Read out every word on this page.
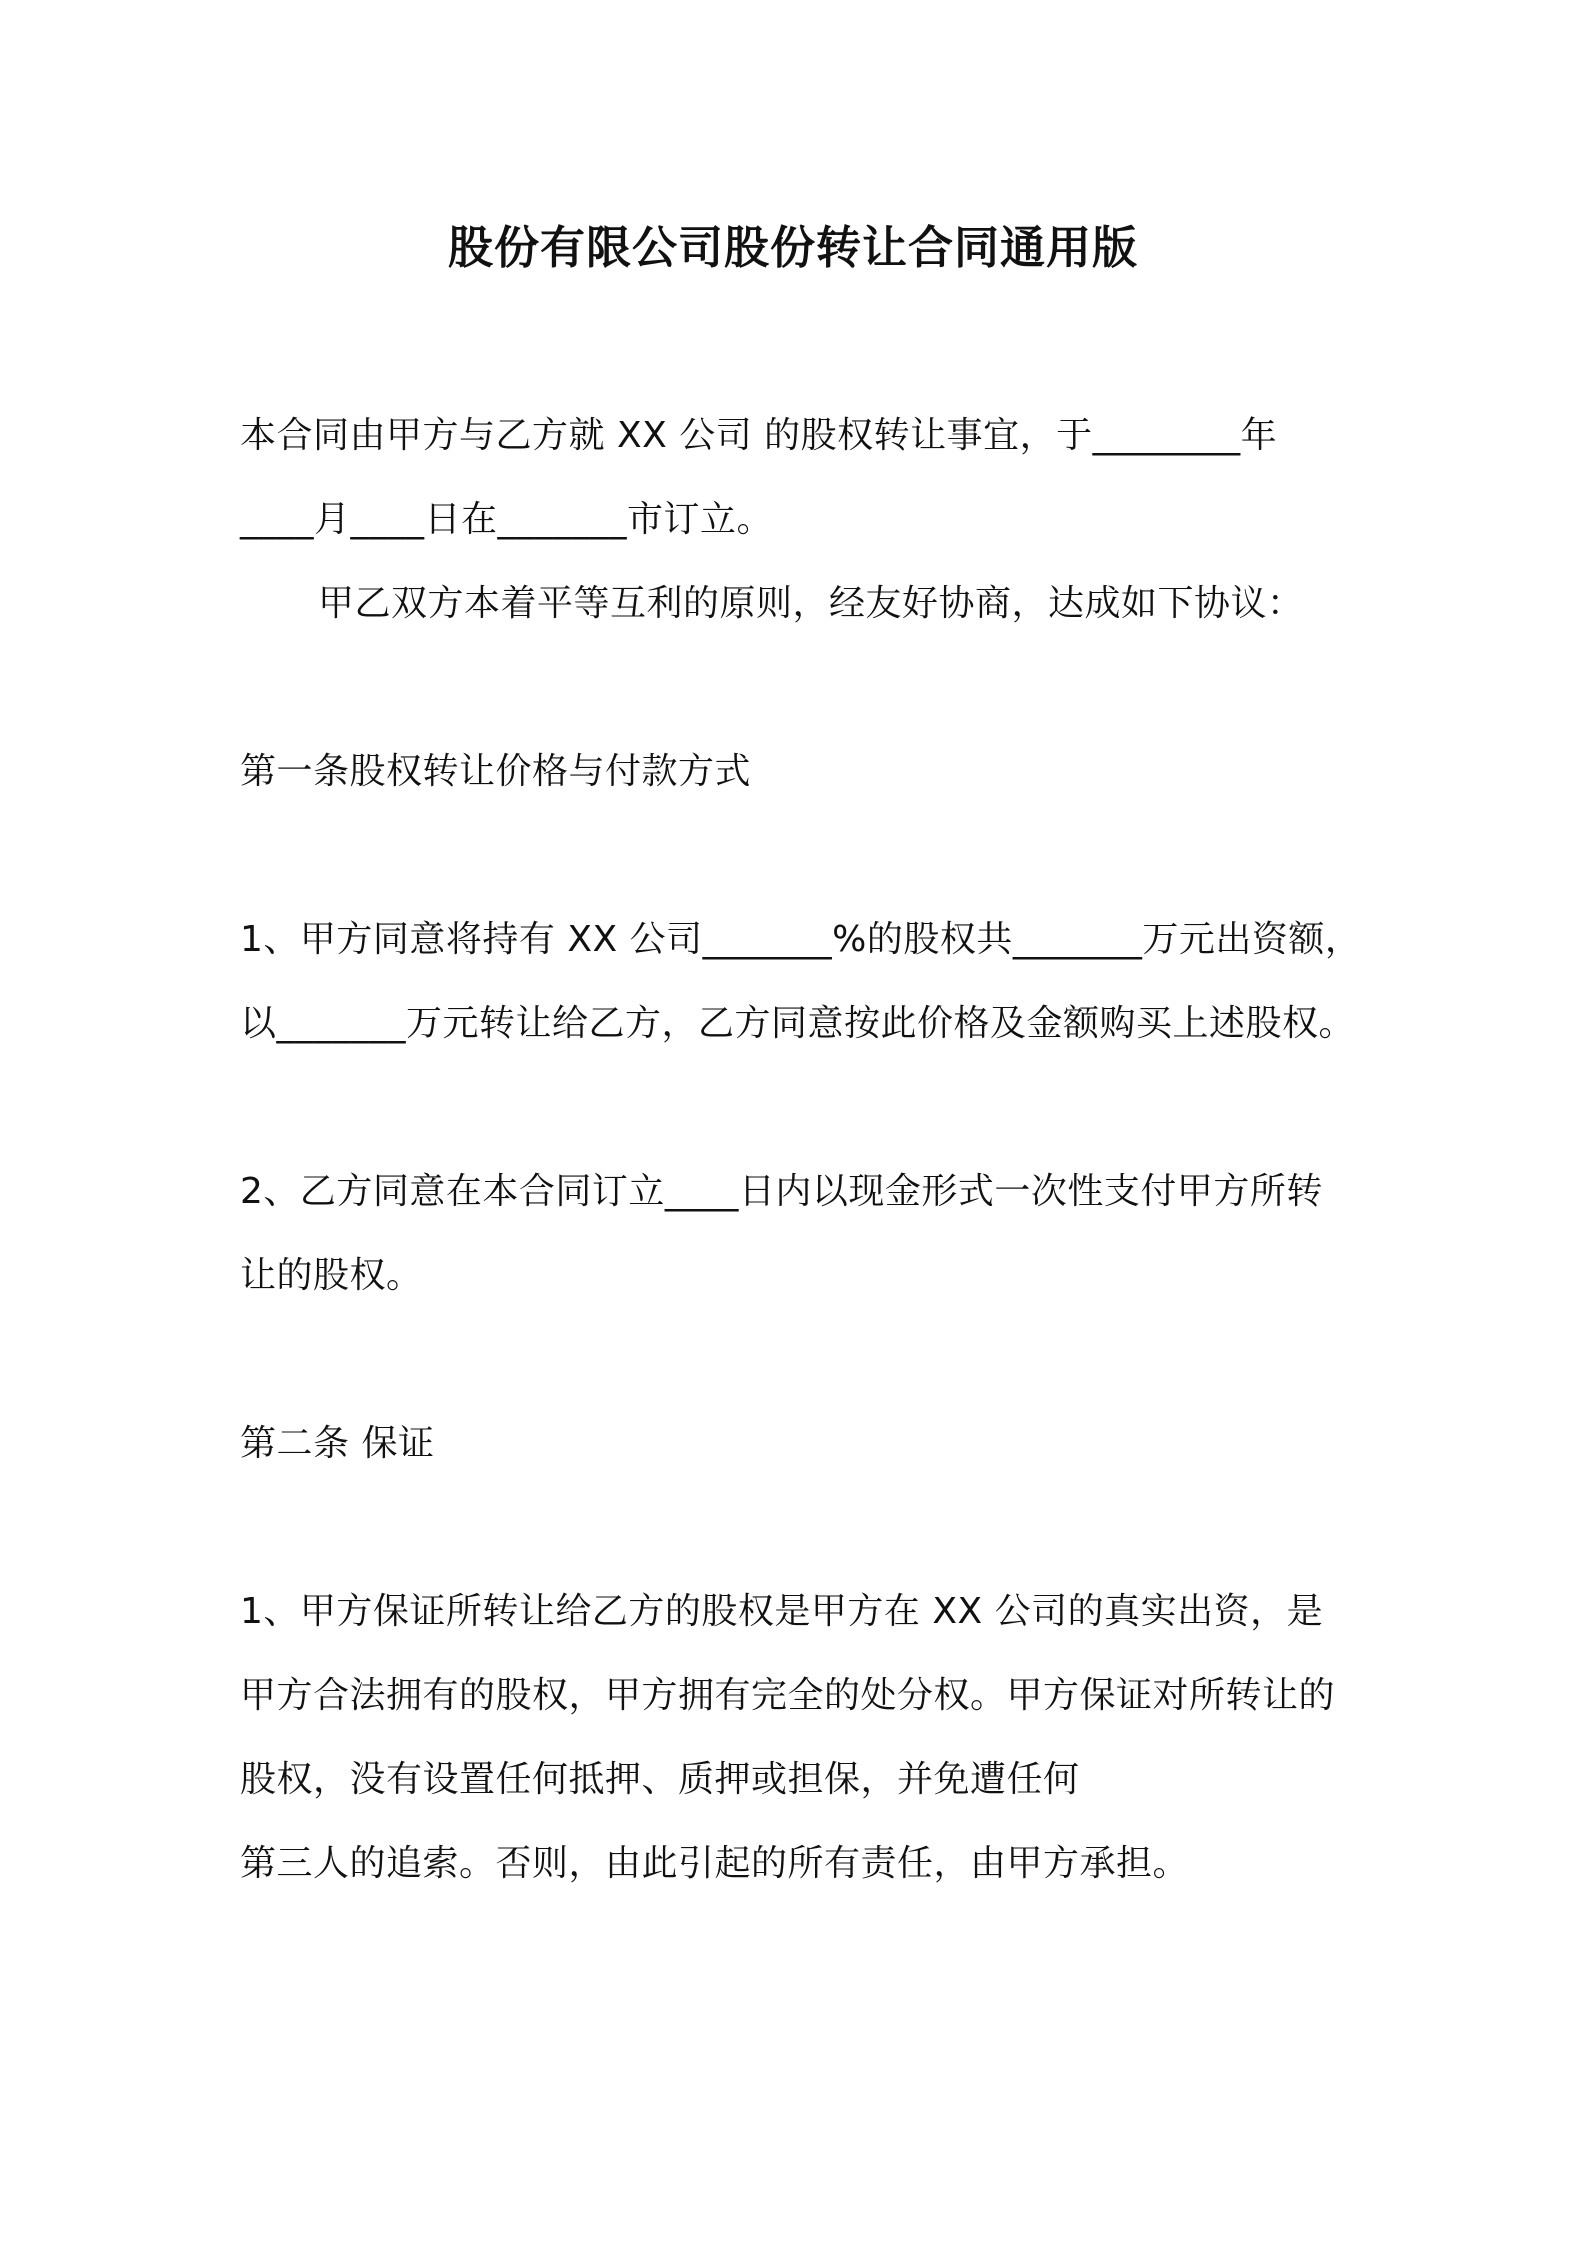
股份有限公司股份转让合同通用版
本合同由甲方与乙方就 XX 公司 的股权转让事宜，于________年
____月____日在_______市订立。
甲乙双方本着平等互利的原则，经友好协商，达成如下协议：
第一条股权转让价格与付款方式
1、甲方同意将持有 XX 公司_______%的股权共_______万元出资额，
以_______万元转让给乙方，乙方同意按此价格及金额购买上述股权。
2、乙方同意在本合同订立____日内以现金形式一次性支付甲方所转
让的股权。
第二条 保证
1、甲方保证所转让给乙方的股权是甲方在 XX 公司的真实出资，是
甲方合法拥有的股权，甲方拥有完全的处分权。甲方保证对所转让的
股权，没有设置任何抵押、质押或担保，并免遭任何
第三人的追索。否则，由此引起的所有责任，由甲方承担。
